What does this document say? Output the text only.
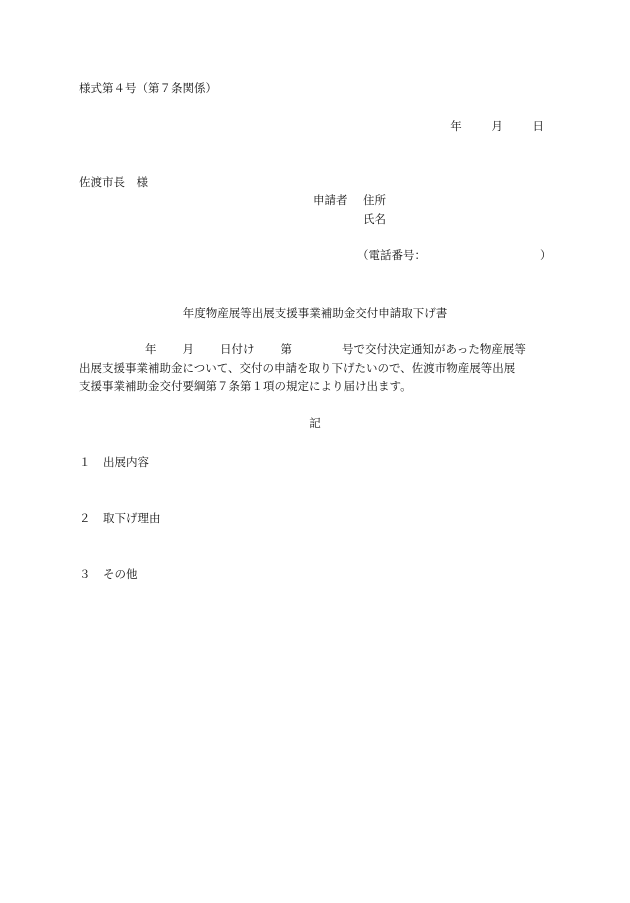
様式第４号（第７条関係）
年	月	日
佐渡市長　様
申請者 住所
氏名
（電話番号：	）
年度物産展等出展支援事業補助金交付申請取下げ書
年 月 日付け 第	号で交付決定通知があった物産展等
出展支援事業補助金について、交付の申請を取り下げたいので、佐渡市物産展等出展
支援事業補助金交付要綱第７条第１項の規定により届け出ます。
記
１ 出展内容
２ 取下げ理由
３ その他
